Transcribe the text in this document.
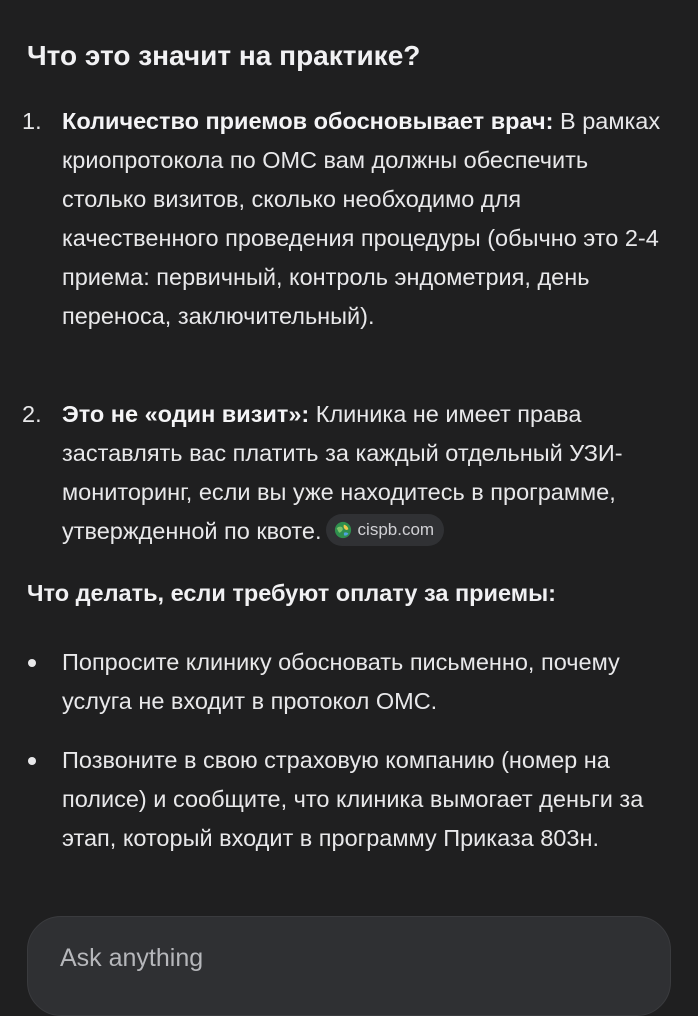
Что это значит на практике?
1. Количество приемов обосновывает врач: В рамках криопротокола по ОМС вам должны обеспечить столько визитов, сколько необходимо для качественного проведения процедуры (обычно это 2-4 приема: первичный, контроль эндометрия, день переноса, заключительный).
2. Это не «один визит»: Клиника не имеет права заставлять вас платить за каждый отдельный УЗИ-мониторинг, если вы уже находитесь в программе, утвержденной по квоте. cispb.com
Что делать, если требуют оплату за приемы:
Попросите клинику обосновать письменно, почему услуга не входит в протокол ОМС.
Позвоните в свою страховую компанию (номер на полисе) и сообщите, что клиника вымогает деньги за этап, который входит в программу Приказа 803н.
Ask anything
